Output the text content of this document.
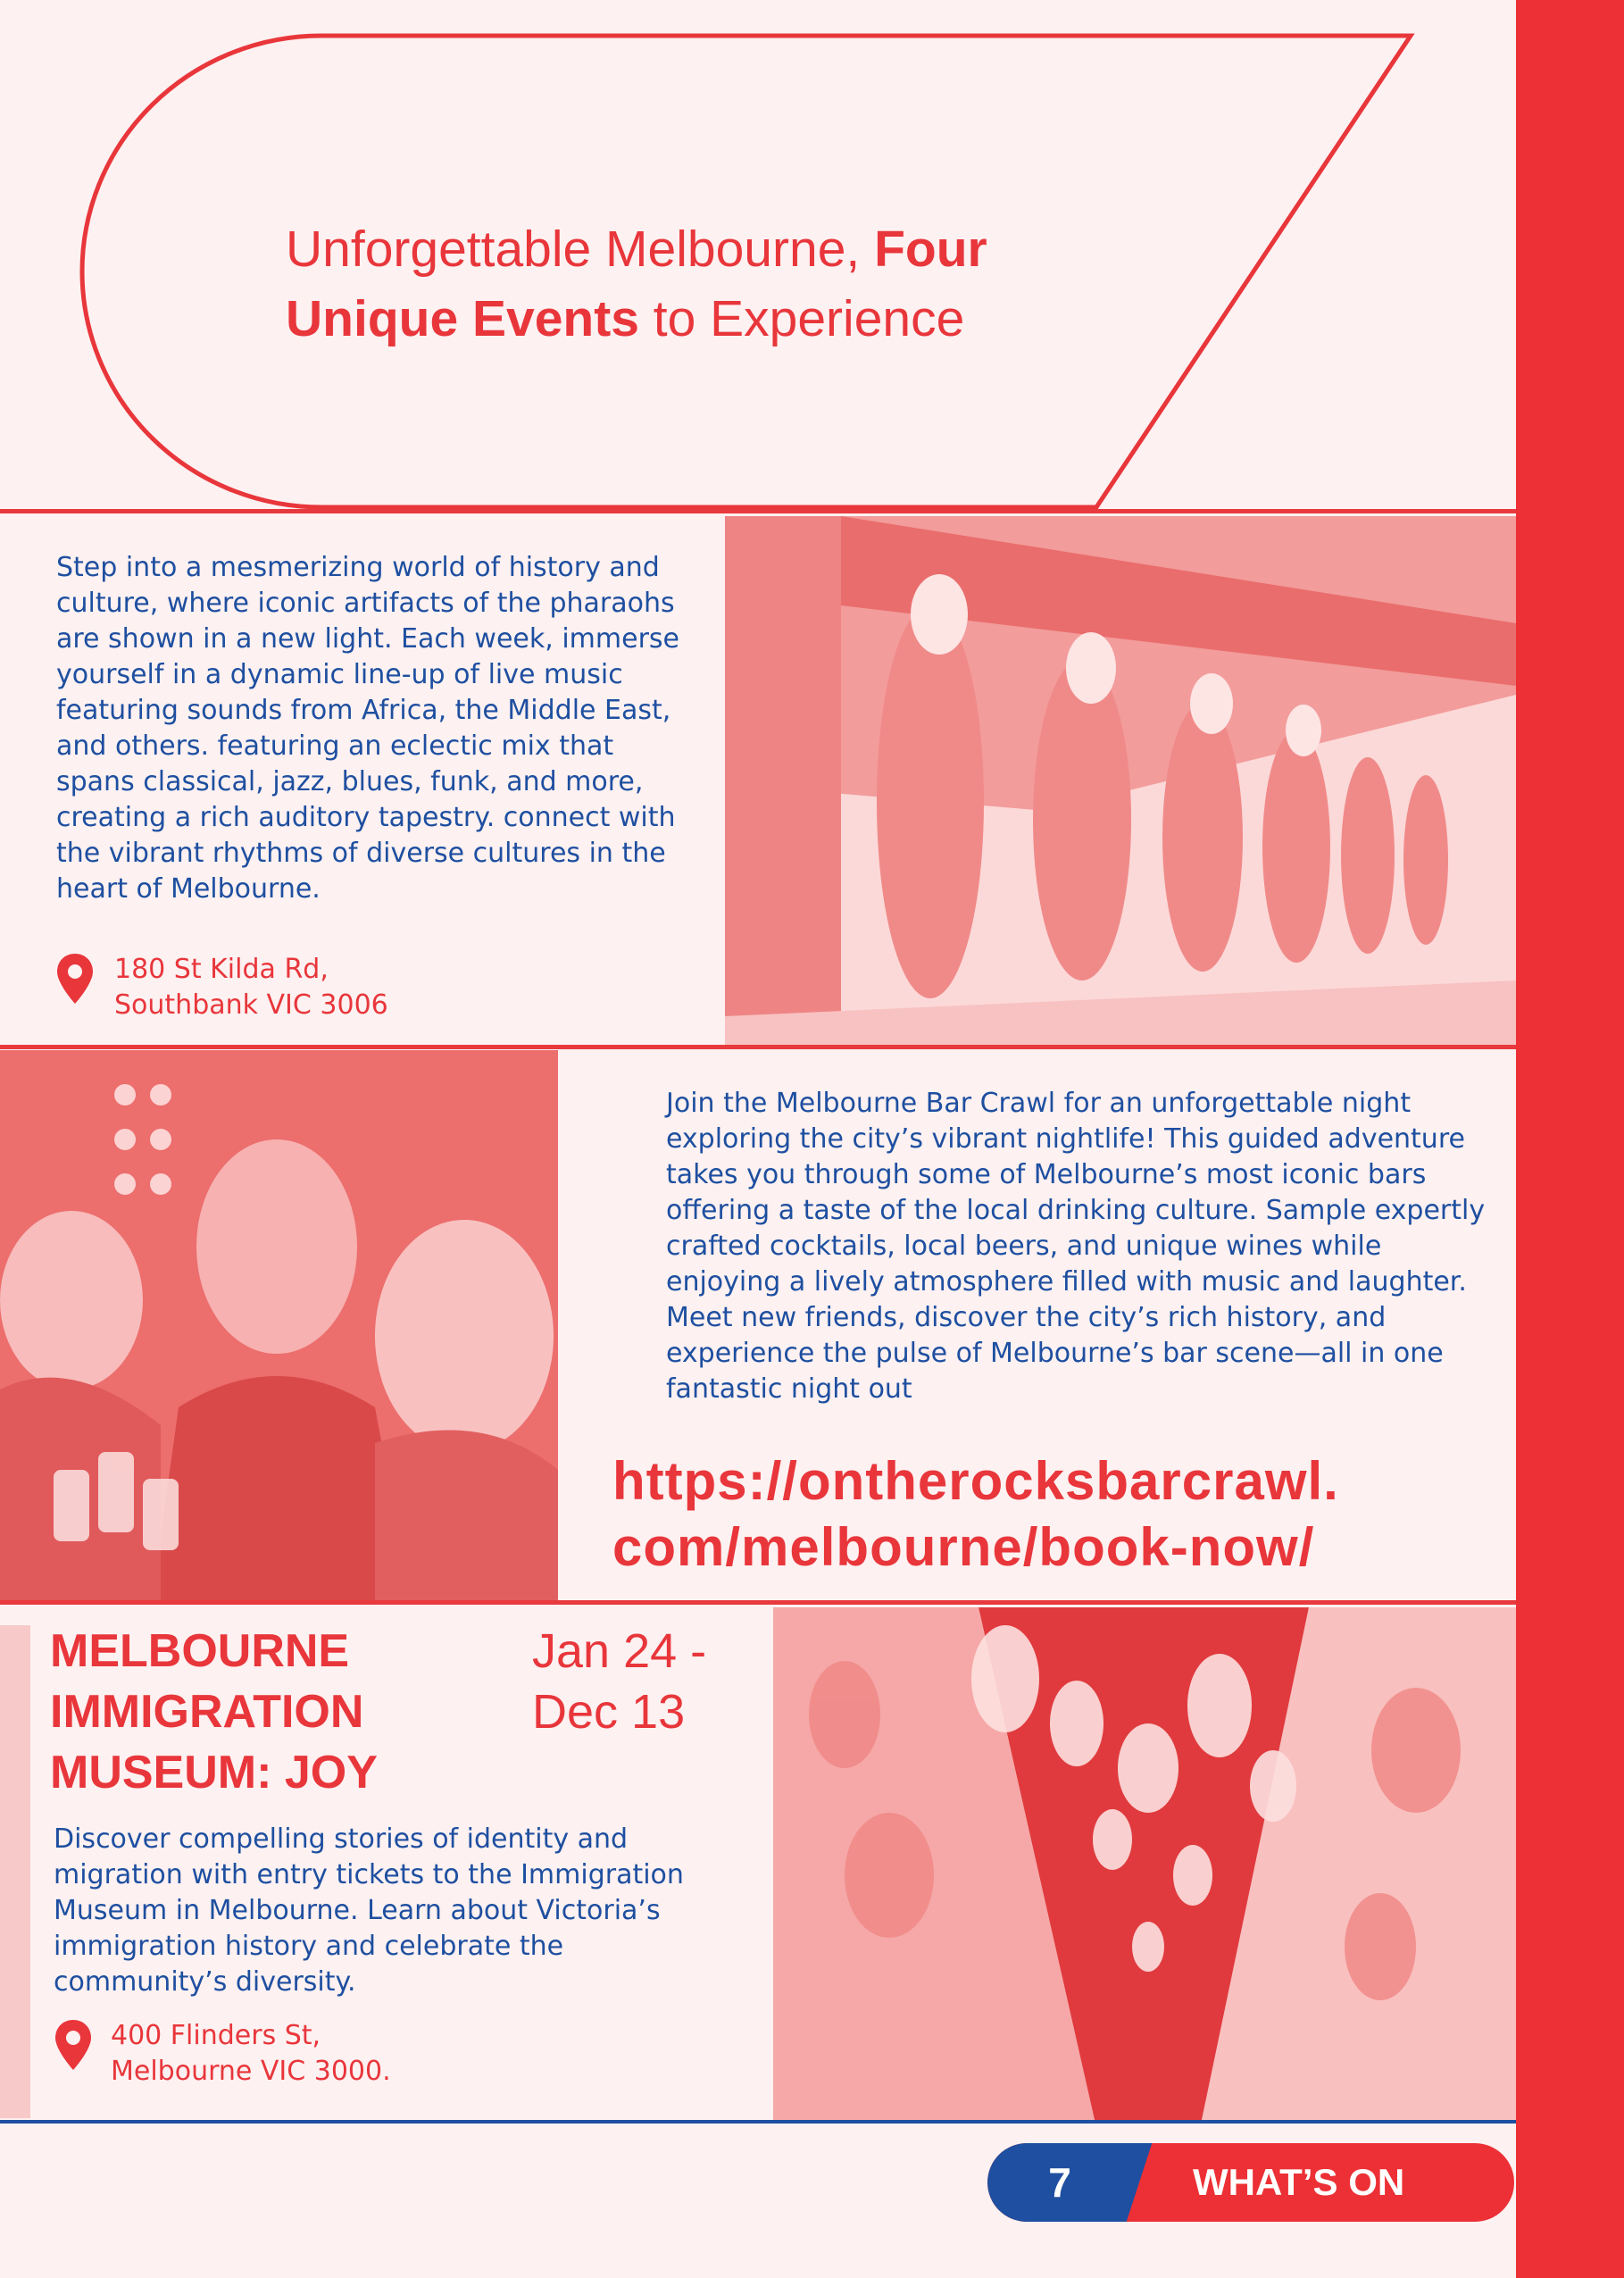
Unforgettable Melbourne, Four
Unique Events to Experience
Step into a mesmerizing world of history and culture, where iconic artifacts of the pharaohs are shown in a new light. Each week, immerse yourself in a dynamic line-up of live music featuring sounds from Africa, the Middle East, and others. featuring an eclectic mix that spans classical, jazz, blues, funk, and more, creating a rich auditory tapestry. connect with the vibrant rhythms of diverse cultures in the heart of Melbourne.
180 St Kilda Rd,
Southbank VIC 3006
Join the Melbourne Bar Crawl for an unforgettable night exploring the city’s vibrant nightlife! This guided adventure takes you through some of Melbourne’s most iconic bars offering a taste of the local drinking culture. Sample expertly crafted cocktails, local beers, and unique wines while enjoying a lively atmosphere filled with music and laughter. Meet new friends, discover the city’s rich history, and experience the pulse of Melbourne’s bar scene—all in one fantastic night out
https://ontherocksbarcrawl.
com/melbourne/book-now/
MELBOURNE
IMMIGRATION
MUSEUM: JOY
Jan 24 -
Dec 13
Discover compelling stories of identity and migration with entry tickets to the Immigration Museum in Melbourne. Learn about Victoria’s immigration history and celebrate the community’s diversity.
400 Flinders St,
Melbourne VIC 3000.
7	WHAT’S ON
